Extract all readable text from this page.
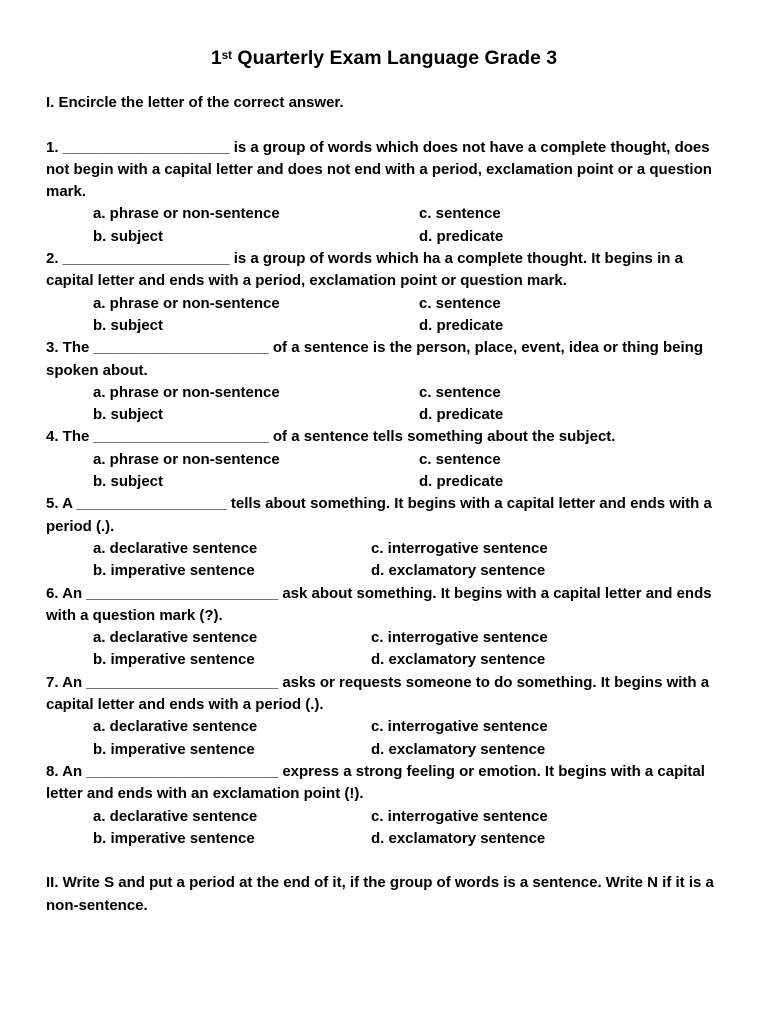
1st Quarterly Exam Language Grade 3

I. Encircle the letter of the correct answer.

1. ____________________ is a group of words which does not have a complete thought, does not begin with a capital letter and does not end with a period, exclamation point or a question mark.

a. phrase or non-sentence	c. sentence
b. subject	d. predicate

2. ____________________ is a group of words which ha a complete thought. It begins in a capital letter and ends with a period, exclamation point or question mark.

a. phrase or non-sentence	c. sentence
b. subject	d. predicate

3. The _____________________ of a sentence is the person, place, event, idea or thing being spoken about.

a. phrase or non-sentence	c. sentence
b. subject	d. predicate

4. The _____________________ of a sentence tells something about the subject.

a. phrase or non-sentence	c. sentence
b. subject	d. predicate

5. A __________________ tells about something. It begins with a capital letter and ends with a period (.).

a. declarative sentence	c. interrogative sentence
b. imperative sentence	d. exclamatory sentence

6. An _______________________ ask about something. It begins with a capital letter and ends with a question mark (?).

a. declarative sentence	c. interrogative sentence
b. imperative sentence	d. exclamatory sentence

7. An _______________________ asks or requests someone to do something. It begins with a capital letter and ends with a period (.).

a. declarative sentence	c. interrogative sentence
b. imperative sentence	d. exclamatory sentence

8. An _______________________ express a strong feeling or emotion. It begins with a capital letter and ends with an exclamation point (!).

a. declarative sentence	c. interrogative sentence
b. imperative sentence	d. exclamatory sentence

II. Write S and put a period at the end of it, if the group of words is a sentence. Write N if it is a non-sentence.
